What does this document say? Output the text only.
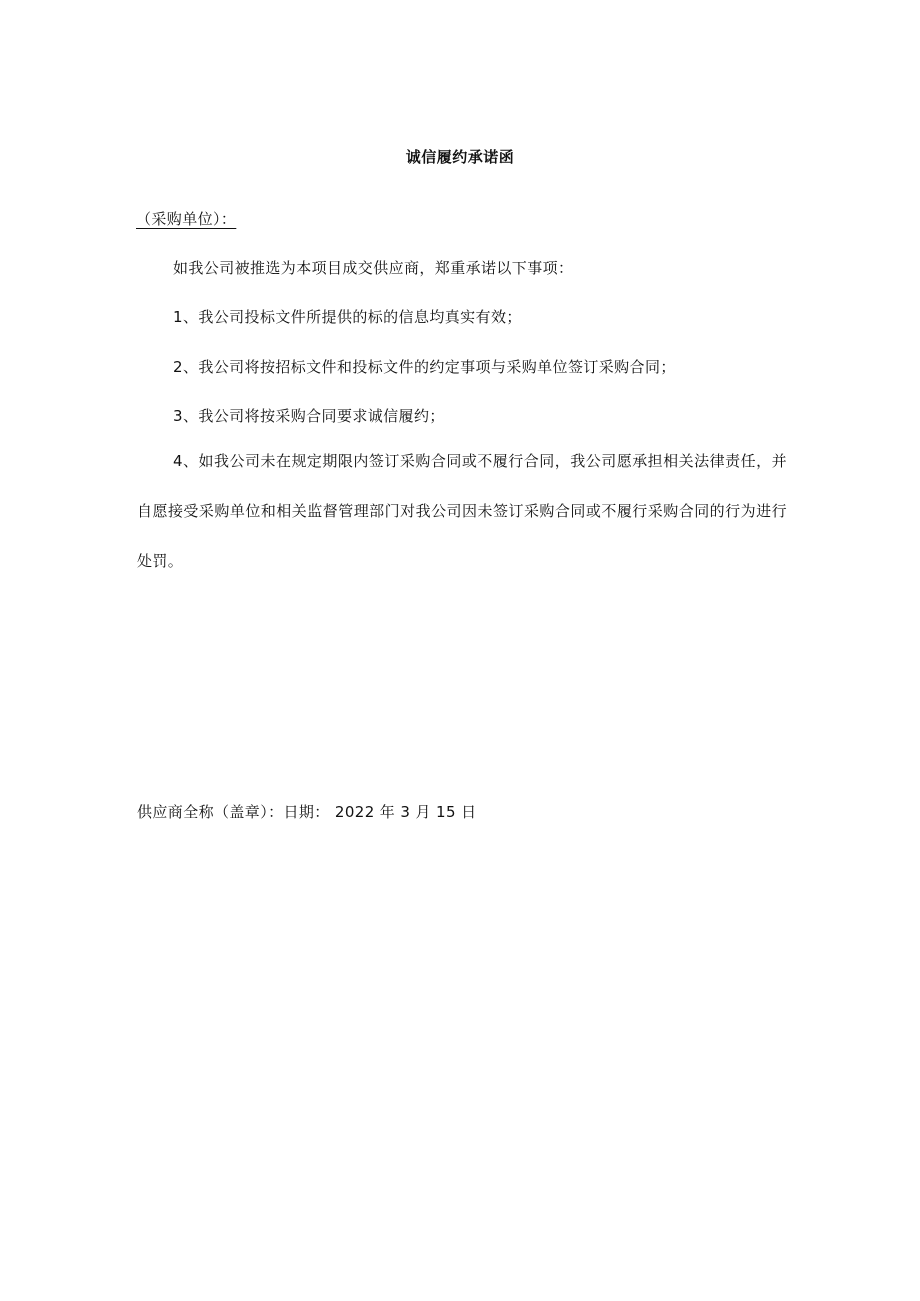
诚信履约承诺函
（采购单位）：
如我公司被推选为本项目成交供应商，郑重承诺以下事项：
1、我公司投标文件所提供的标的信息均真实有效；
2、我公司将按招标文件和投标文件的约定事项与采购单位签订采购合同；
3、我公司将按采购合同要求诚信履约；
4、如我公司未在规定期限内签订采购合同或不履行合同，我公司愿承担相关法律责任，并自愿接受采购单位和相关监督管理部门对我公司因未签订采购合同或不履行采购合同的行为进行处罚。
供应商全称（盖章）：日期： 2022 年 3 月 15 日
